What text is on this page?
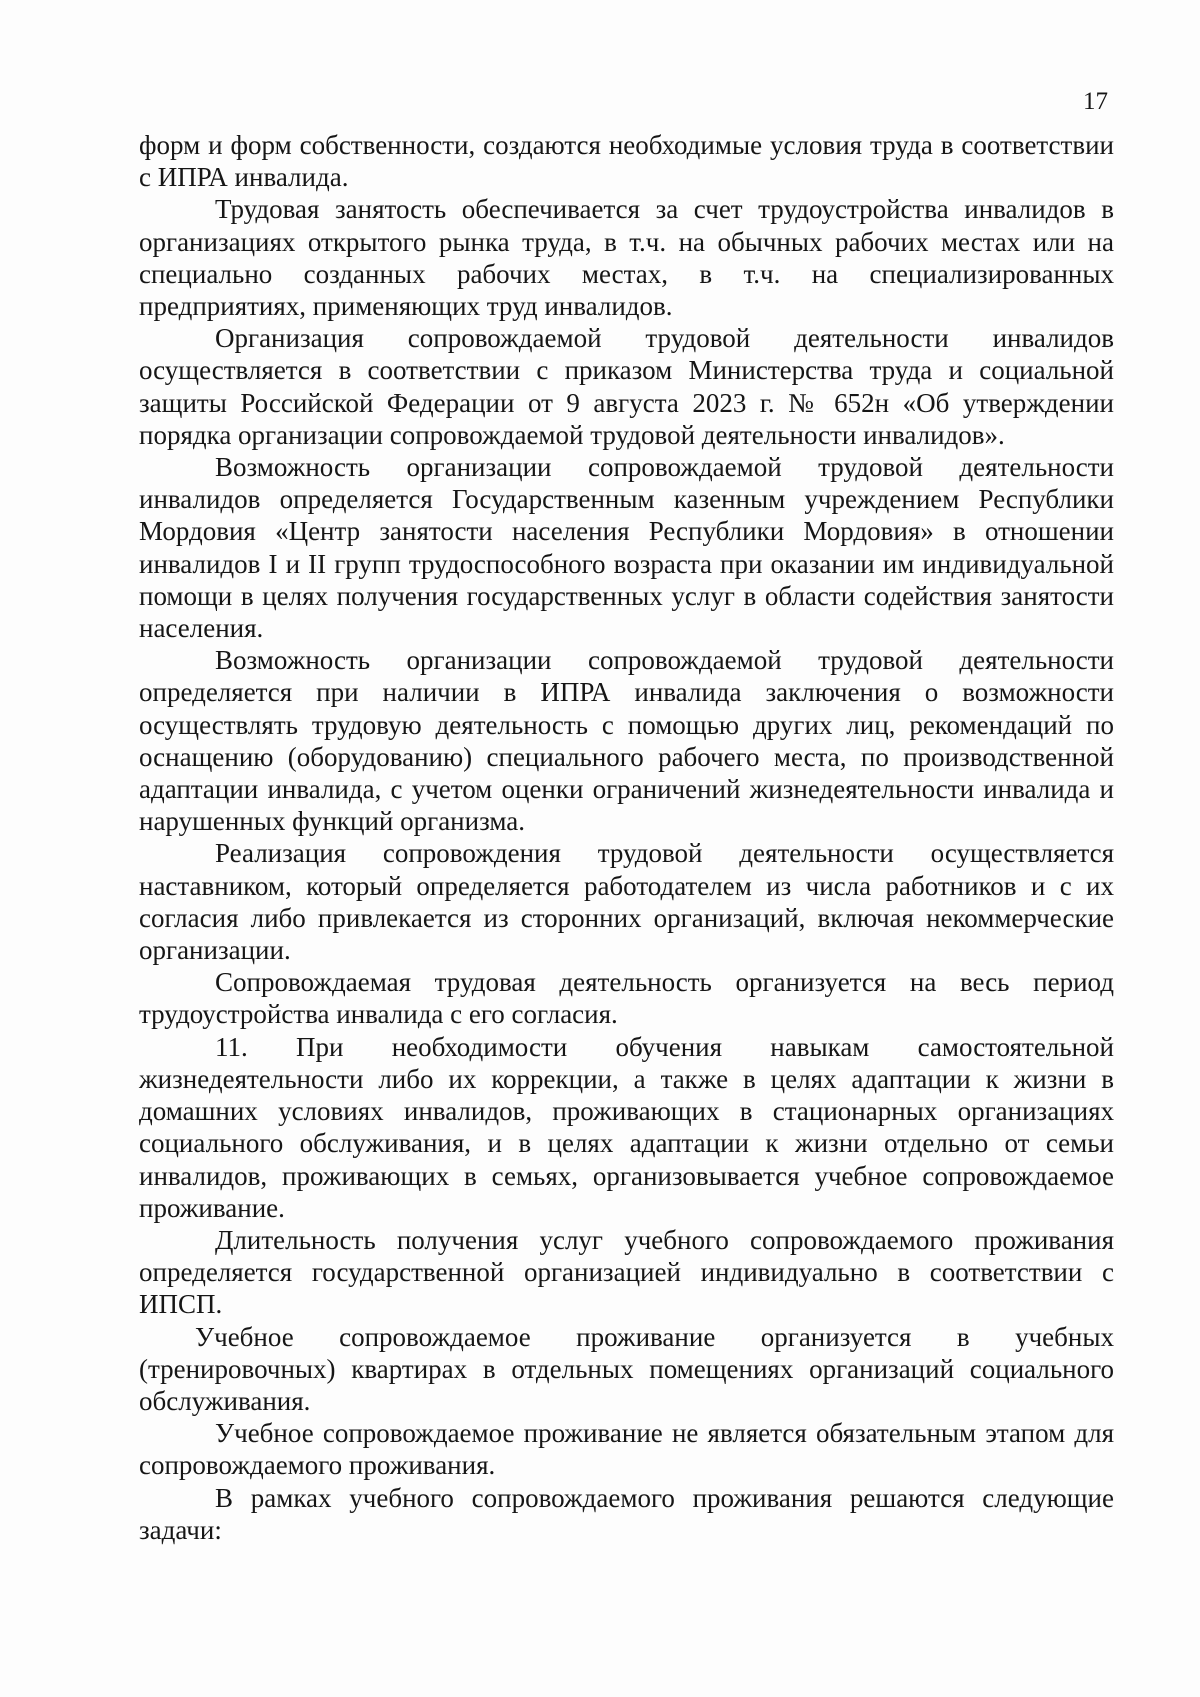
17

форм и форм собственности, создаются необходимые условия труда в соответствии с ИПРА инвалида.

Трудовая занятость обеспечивается за счет трудоустройства инвалидов в организациях открытого рынка труда, в т.ч. на обычных рабочих местах или на специально созданных рабочих местах, в т.ч. на специализированных предприятиях, применяющих труд инвалидов.

Организация сопровождаемой трудовой деятельности инвалидов осуществляется в соответствии с приказом Министерства труда и социальной защиты Российской Федерации от 9 августа 2023 г. № 652н «Об утверждении порядка организации сопровождаемой трудовой деятельности инвалидов».

Возможность организации сопровождаемой трудовой деятельности инвалидов определяется Государственным казенным учреждением Республики Мордовия «Центр занятости населения Республики Мордовия» в отношении инвалидов I и II групп трудоспособного возраста при оказании им индивидуальной помощи в целях получения государственных услуг в области содействия занятости населения.

Возможность организации сопровождаемой трудовой деятельности определяется при наличии в ИПРА инвалида заключения о возможности осуществлять трудовую деятельность с помощью других лиц, рекомендаций по оснащению (оборудованию) специального рабочего места, по производственной адаптации инвалида, с учетом оценки ограничений жизнедеятельности инвалида и нарушенных функций организма.

Реализация сопровождения трудовой деятельности осуществляется наставником, который определяется работодателем из числа работников и с их согласия либо привлекается из сторонних организаций, включая некоммерческие организации.

Сопровождаемая трудовая деятельность организуется на весь период трудоустройства инвалида с его согласия.

11. При необходимости обучения навыкам самостоятельной жизнедеятельности либо их коррекции, а также в целях адаптации к жизни в домашних условиях инвалидов, проживающих в стационарных организациях социального обслуживания, и в целях адаптации к жизни отдельно от семьи инвалидов, проживающих в семьях, организовывается учебное сопровождаемое проживание.

Длительность получения услуг учебного сопровождаемого проживания определяется государственной организацией индивидуально в соответствии с ИПСП.

Учебное сопровождаемое проживание организуется в учебных (тренировочных) квартирах в отдельных помещениях организаций социального обслуживания.

Учебное сопровождаемое проживание не является обязательным этапом для сопровождаемого проживания.

В рамках учебного сопровождаемого проживания решаются следующие задачи:
